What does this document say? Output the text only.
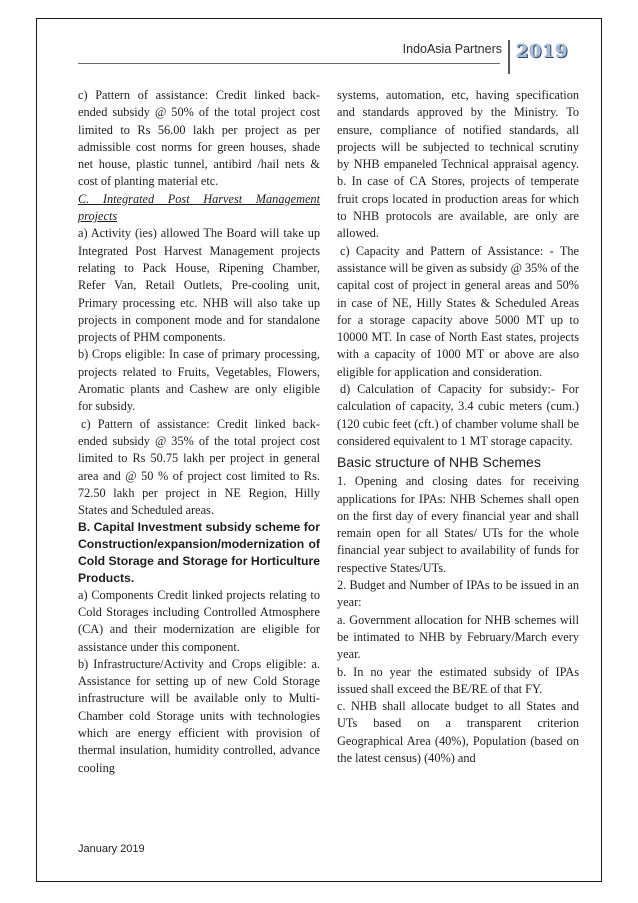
IndoAsia Partners 2019

c) Pattern of assistance: Credit linked back-ended subsidy @ 50% of the total project cost limited to Rs 56.00 lakh per project as per admissible cost norms for green houses, shade net house, plastic tunnel, antibird /hail nets & cost of planting material etc.

C. Integrated Post Harvest Management projects

a) Activity (ies) allowed The Board will take up Integrated Post Harvest Management projects relating to Pack House, Ripening Chamber, Refer Van, Retail Outlets, Pre-cooling unit, Primary processing etc. NHB will also take up projects in component mode and for standalone projects of PHM components.

b) Crops eligible: In case of primary processing, projects related to Fruits, Vegetables, Flowers, Aromatic plants and Cashew are only eligible for subsidy.

c) Pattern of assistance: Credit linked back-ended subsidy @ 35% of the total project cost limited to Rs 50.75 lakh per project in general area and @ 50 % of project cost limited to Rs. 72.50 lakh per project in NE Region, Hilly States and Scheduled areas.

B. Capital Investment subsidy scheme for Construction/expansion/modernization of Cold Storage and Storage for Horticulture Products.

a) Components Credit linked projects relating to Cold Storages including Controlled Atmosphere (CA) and their modernization are eligible for assistance under this component.

b) Infrastructure/Activity and Crops eligible: a. Assistance for setting up of new Cold Storage infrastructure will be available only to Multi-Chamber cold Storage units with technologies which are energy efficient with provision of thermal insulation, humidity controlled, advance cooling

systems, automation, etc, having specification and standards approved by the Ministry. To ensure, compliance of notified standards, all projects will be subjected to technical scrutiny by NHB empaneled Technical appraisal agency. b. In case of CA Stores, projects of temperate fruit crops located in production areas for which to NHB protocols are available, are only are allowed.

c) Capacity and Pattern of Assistance: - The assistance will be given as subsidy @ 35% of the capital cost of project in general areas and 50% in case of NE, Hilly States & Scheduled Areas for a storage capacity above 5000 MT up to 10000 MT. In case of North East states, projects with a capacity of 1000 MT or above are also eligible for application and consideration.

d) Calculation of Capacity for subsidy:- For calculation of capacity, 3.4 cubic meters (cum.) (120 cubic feet (cft.) of chamber volume shall be considered equivalent to 1 MT storage capacity.

Basic structure of NHB Schemes

1. Opening and closing dates for receiving applications for IPAs: NHB Schemes shall open on the first day of every financial year and shall remain open for all States/ UTs for the whole financial year subject to availability of funds for respective States/UTs.

2. Budget and Number of IPAs to be issued in an year:

a. Government allocation for NHB schemes will be intimated to NHB by February/March every year.

b. In no year the estimated subsidy of IPAs issued shall exceed the BE/RE of that FY.

c. NHB shall allocate budget to all States and UTs based on a transparent criterion Geographical Area (40%), Population (based on the latest census) (40%) and

January 2019
